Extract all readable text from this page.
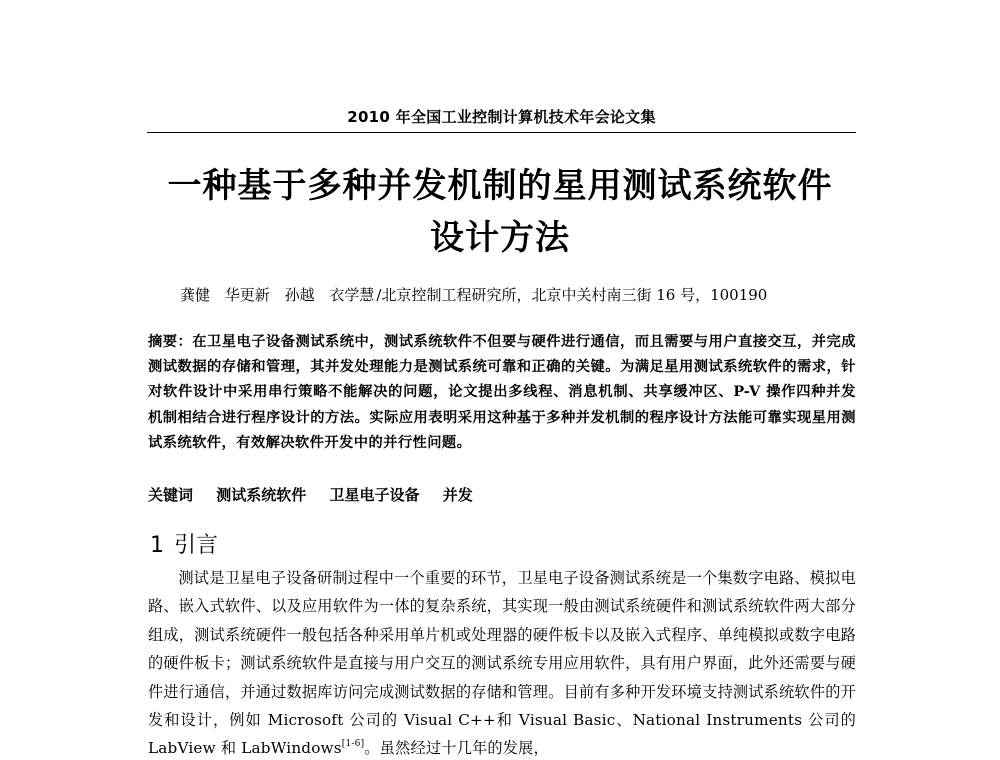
2010 年全国工业控制计算机技术年会论文集
一种基于多种并发机制的星用测试系统软件
设计方法
龚健 华更新 孙越 衣学慧 /北京控制工程研究所，北京中关村南三街 16 号，100190
摘要：在卫星电子设备测试系统中，测试系统软件不但要与硬件进行通信，而且需要与用户直接交互，并完成测试数据的存储和管理，其并发处理能力是测试系统可靠和正确的关键。为满足星用测试系统软件的需求，针对软件设计中采用串行策略不能解决的问题，论文提出多线程、消息机制、共享缓冲区、P-V 操作四种并发机制相结合进行程序设计的方法。实际应用表明采用这种基于多种并发机制的程序设计方法能可靠实现星用测试系统软件，有效解决软件开发中的并行性问题。
关键词 测试系统软件 卫星电子设备 并发
1 引言
测试是卫星电子设备研制过程中一个重要的环节，卫星电子设备测试系统是一个集数字电路、模拟电路、嵌入式软件、以及应用软件为一体的复杂系统，其实现一般由测试系统硬件和测试系统软件两大部分组成，测试系统硬件一般包括各种采用单片机或处理器的硬件板卡以及嵌入式程序、单纯模拟或数字电路的硬件板卡；测试系统软件是直接与用户交互的测试系统专用应用软件，具有用户界面，此外还需要与硬件进行通信，并通过数据库访问完成测试数据的存储和管理。目前有多种开发环境支持测试系统软件的开发和设计，例如 Microsoft 公司的 Visual C++和 Visual Basic、National Instruments 公司的 LabView 和 LabWindows[1-6]。虽然经过十几年的发展，
